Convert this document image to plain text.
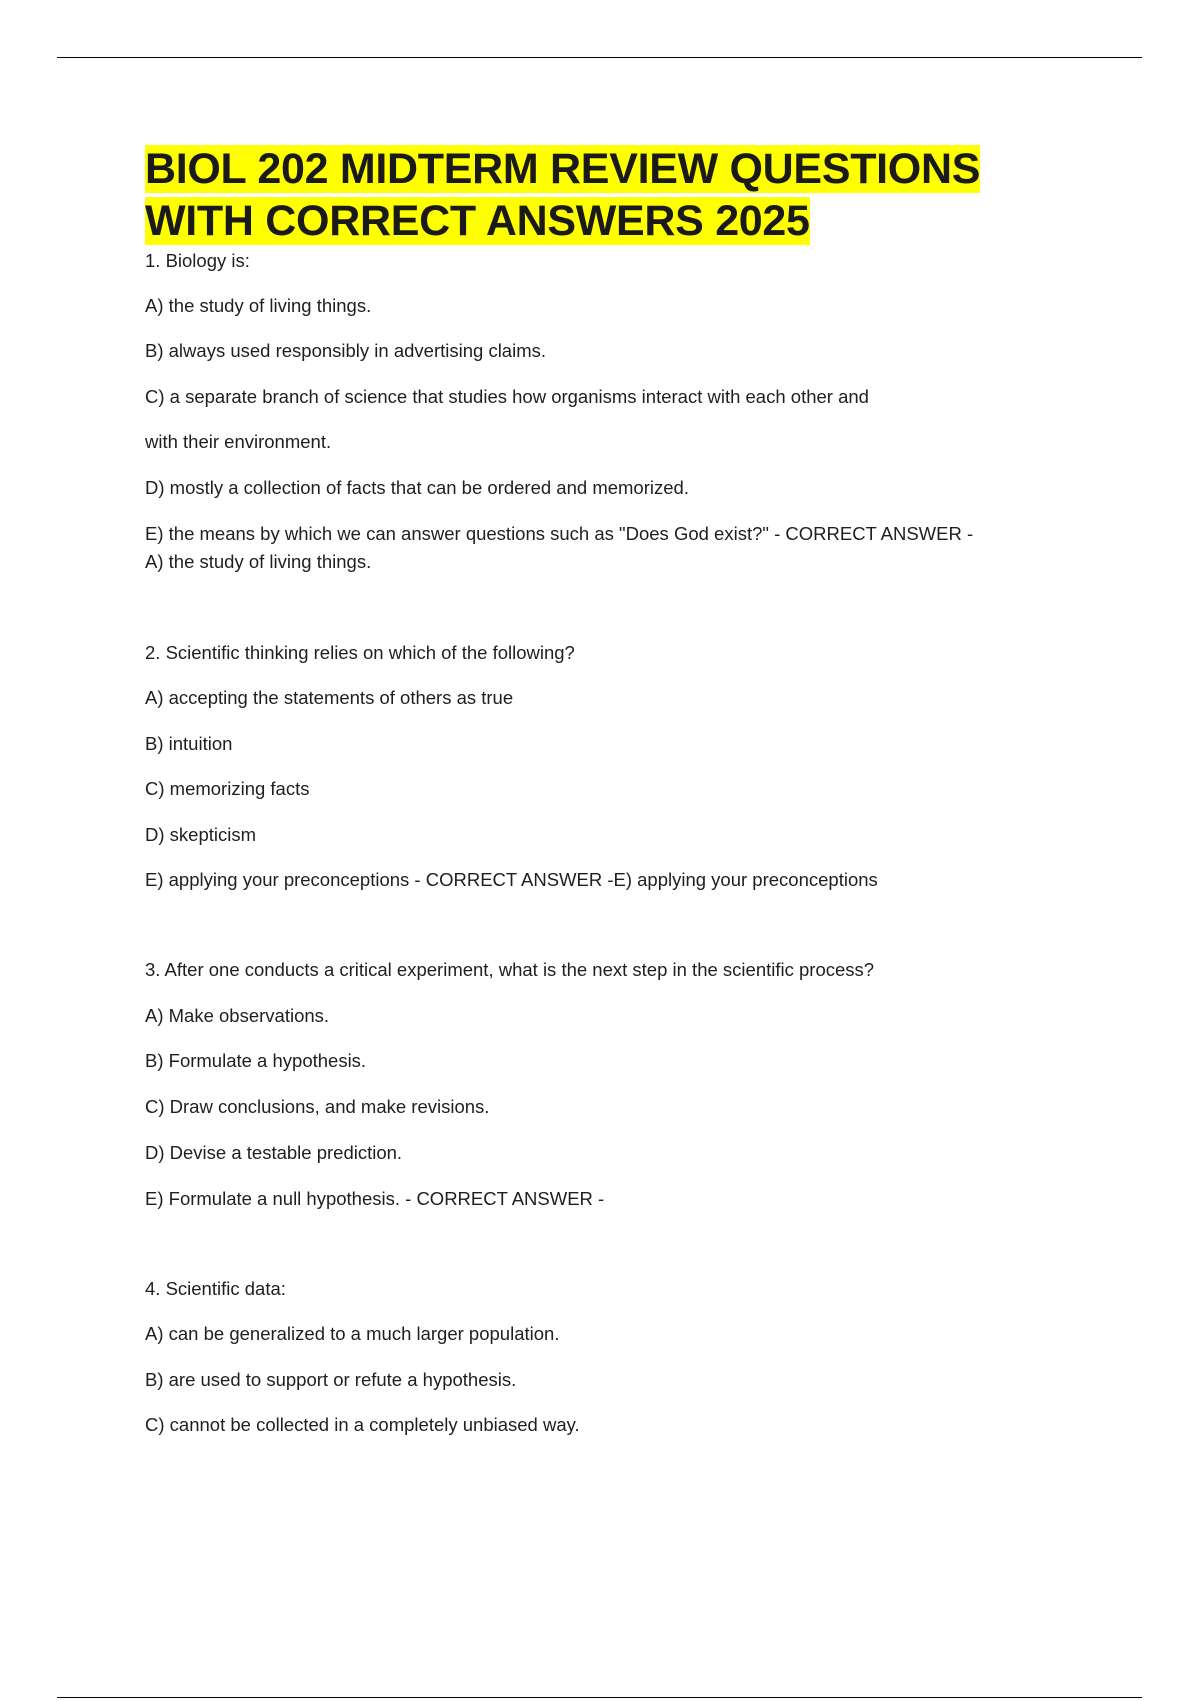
BIOL 202 MIDTERM REVIEW QUESTIONS
WITH CORRECT ANSWERS 2025
1. Biology is:
A) the study of living things.
B) always used responsibly in advertising claims.
C) a separate branch of science that studies how organisms interact with each other and
with their environment.
D) mostly a collection of facts that can be ordered and memorized.
E) the means by which we can answer questions such as "Does God exist?" - CORRECT ANSWER -
A) the study of living things.
2. Scientific thinking relies on which of the following?
A) accepting the statements of others as true
B) intuition
C) memorizing facts
D) skepticism
E) applying your preconceptions - CORRECT ANSWER -E) applying your preconceptions
3. After one conducts a critical experiment, what is the next step in the scientific process?
A) Make observations.
B) Formulate a hypothesis.
C) Draw conclusions, and make revisions.
D) Devise a testable prediction.
E) Formulate a null hypothesis. - CORRECT ANSWER -
4. Scientific data:
A) can be generalized to a much larger population.
B) are used to support or refute a hypothesis.
C) cannot be collected in a completely unbiased way.
